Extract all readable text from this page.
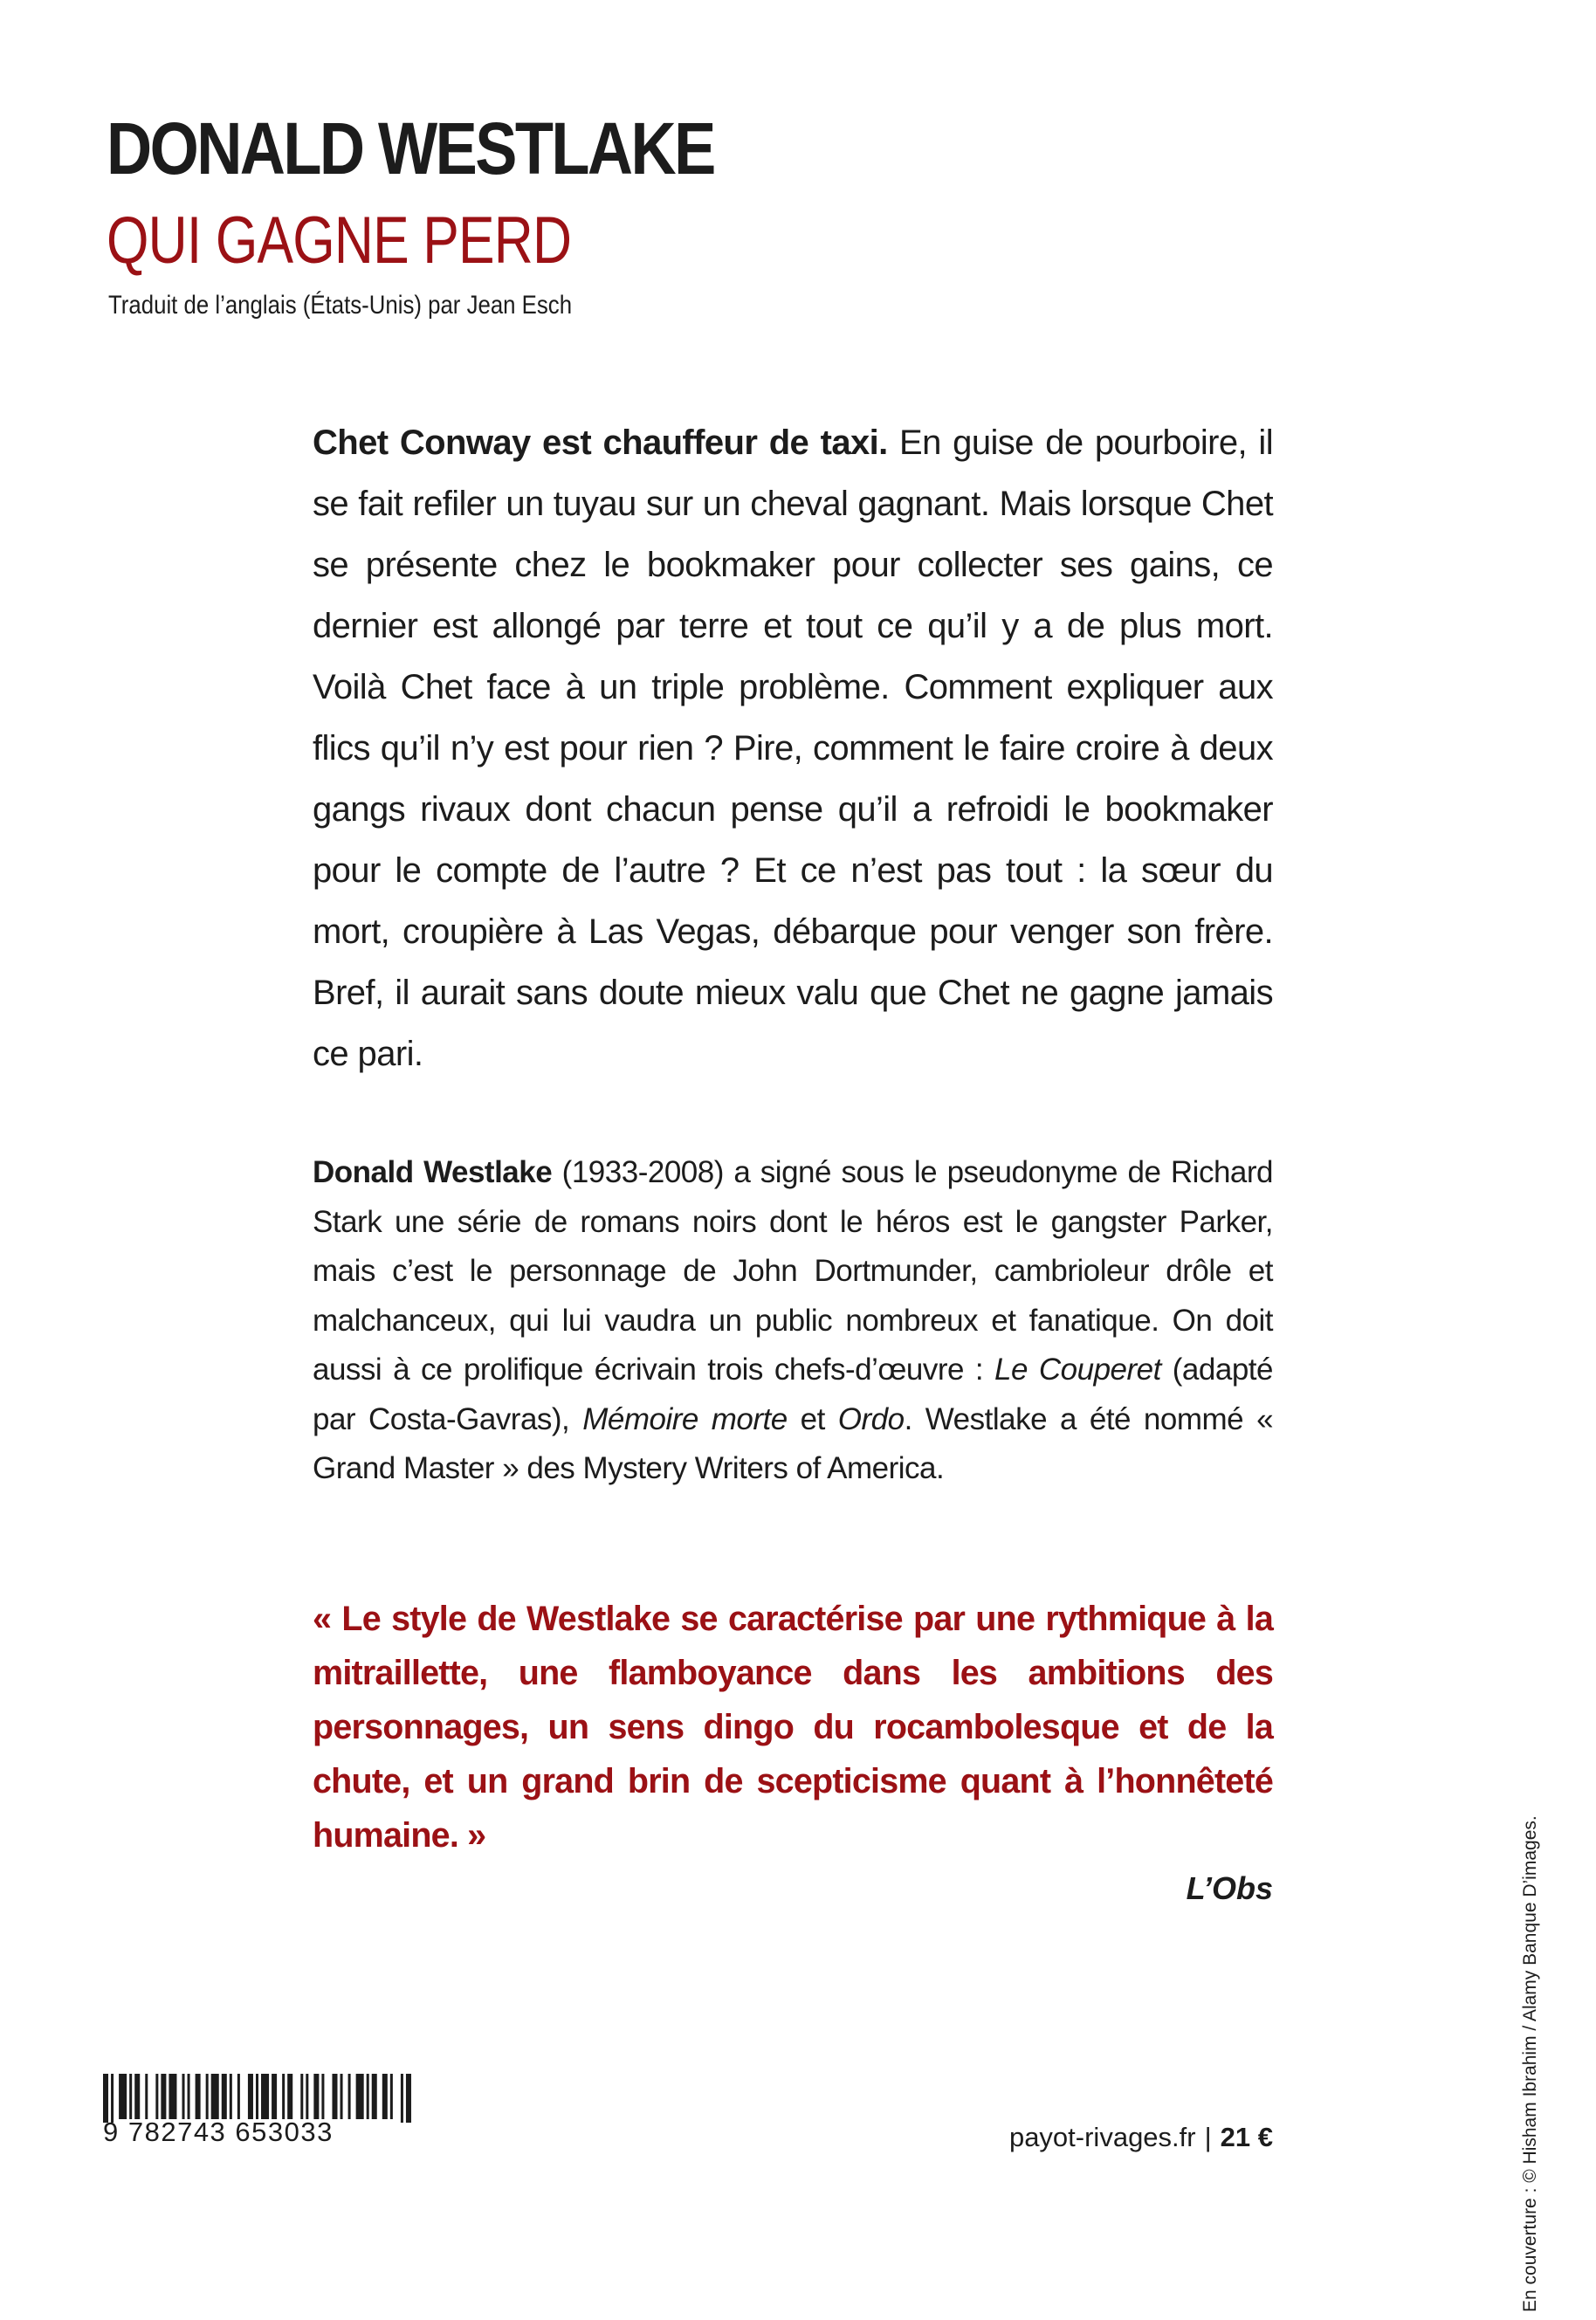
DONALD WESTLAKE
QUI GAGNE PERD

Traduit de l’anglais (États-Unis) par Jean Esch

Chet Conway est chauffeur de taxi. En guise de pourboire, il se fait refiler un tuyau sur un cheval gagnant. Mais lorsque Chet se présente chez le bookmaker pour collecter ses gains, ce dernier est allongé par terre et tout ce qu’il y a de plus mort. Voilà Chet face à un triple problème. Comment expliquer aux flics qu’il n’y est pour rien ? Pire, comment le faire croire à deux gangs rivaux dont chacun pense qu’il a refroidi le bookmaker pour le compte de l’autre ? Et ce n’est pas tout : la sœur du mort, croupière à Las Vegas, débarque pour venger son frère. Bref, il aurait sans doute mieux valu que Chet ne gagne jamais ce pari.

Donald Westlake (1933-2008) a signé sous le pseudonyme de Richard Stark une série de romans noirs dont le héros est le gangster Parker, mais c’est le personnage de John Dortmunder, cambrioleur drôle et malchanceux, qui lui vaudra un public nombreux et fanatique. On doit aussi à ce prolifique écrivain trois chefs-d’œuvre : Le Couperet (adapté par Costa-Gavras), Mémoire morte et Ordo. Westlake a été nommé « Grand Master » des Mystery Writers of America.

« Le style de Westlake se caractérise par une rythmique à la mitraillette, une flamboyance dans les ambitions des personnages, un sens dingo du rocambolesque et de la chute, et un grand brin de scepticisme quant à l’honnêteté humaine. »

L’Obs	En couverture : © Hisham Ibrahim / Alamy Banque D’images.
9 782743 653033	payot-rivages.fr | 21 €
